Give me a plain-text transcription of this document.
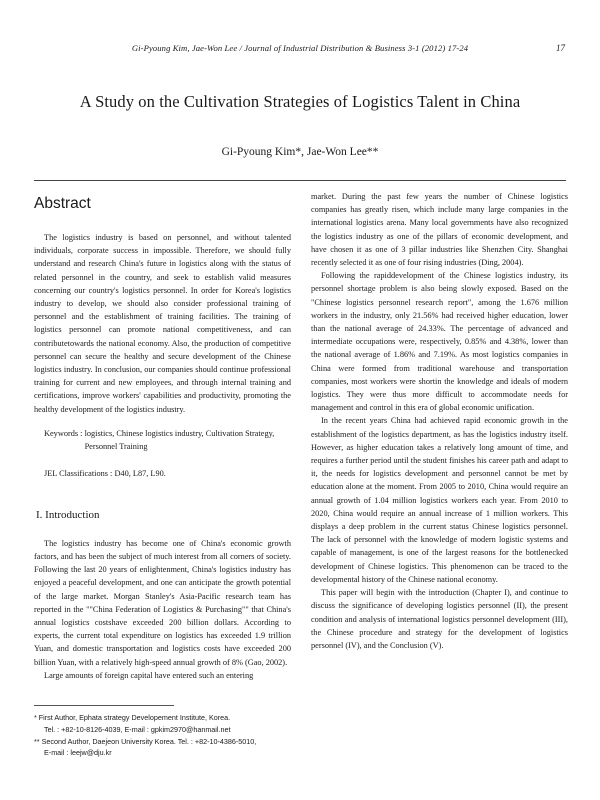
Gi-Pyoung Kim, Jae-Won Lee / Journal of Industrial Distribution & Business 3-1 (2012) 17-24	17
A Study on the Cultivation Strategies of Logistics Talent in China
Gi-Pyoung Kim*, Jae-Won Lee**
Abstract

The logistics industry is based on personnel, and without talented individuals, corporate success in impossible. Therefore, we should fully understand and research China's future in logistics along with the status of related personnel in the country, and seek to establish valid measures concerning our country's logistics personnel. In order for Korea's logistics industry to develop, we should also consider professional training of personnel and the establishment of training facilities. The training of logistics personnel can promote national competitiveness, and can contributetowards the national economy. Also, the production of competitive personnel can secure the healthy and secure development of the Chinese logistics industry. In conclusion, our companies should continue professional training for current and new employees, and through internal training and certifications, improve workers' capabilities and productivity, promoting the healthy development of the logistics industry.

Keywords : logistics, Chinese logistics industry, Cultivation Strategy, Personnel Training
JEL Classifications : D40, L87, L90.
I. Introduction

The logistics industry has become one of China's economic growth factors, and has been the subject of much interest from all corners of society. Following the last 20 years of enlightenment, China's logistics industry has enjoyed a peaceful development, and one can anticipate the growth potential of the large market. Morgan Stanley's Asia-Pacific research team has reported in the ""China Federation of Logistics & Purchasing"" that China's annual logistics costshave exceeded 200 billion dollars. According to experts, the current total expenditure on logistics has exceeded 1.9 trillion Yuan, and domestic transportation and logistics costs have exceeded 200 billion Yuan, with a relatively high-speed annual growth of 8% (Gao, 2002).

Large amounts of foreign capital have entered such an entering

market. During the past few years the number of Chinese logistics companies has greatly risen, which include many large companies in the international logistics arena. Many local governments have also recognized the logistics industry as one of the pillars of economic development, and have chosen it as one of 3 pillar industries like Shenzhen City. Shanghai recently selected it as one of four rising industries (Ding, 2004).

Following the rapiddevelopment of the Chinese logistics industry, its personnel shortage problem is also being slowly exposed. Based on the "Chinese logistics personnel research report", among the 1.676 million workers in the industry, only 21.56% had received higher education, lower than the national average of 24.33%. The percentage of advanced and intermediate occupations were, respectively, 0.85% and 4.38%, lower than the national average of 1.86% and 7.19%. As most logistics companies in China were formed from traditional warehouse and transportation companies, most workers were shortin the knowledge and ideals of modern logistics. They were thus more difficult to accommodate needs for management and control in this era of global economic unification.

In the recent years China had achieved rapid economic growth in the establishment of the logistics department, as has the logistics industry itself. However, as higher education takes a relatively long amount of time, and requires a further period until the student finishes his career path and adapt to it, the needs for logistics development and personnel cannot be met by education alone at the moment. From 2005 to 2010, China would require an annual growth of 1.04 million logistics workers each year. From 2010 to 2020, China would require an annual increase of 1 million workers. This displays a deep problem in the current status Chinese logistics personnel. The lack of personnel with the knowledge of modern logistic systems and capable of management, is one of the largest reasons for the bottlenecked development of Chinese logistics. This phenomenon can be traced to the developmental history of the Chinese national economy.

This paper will begin with the introduction (Chapter I), and continue to discuss the significance of developing logistics personnel (II), the present condition and analysis of international logistics personnel development (III), the Chinese procedure and strategy for the development of logistics personnel (IV), and the Conclusion (V).

* First Author, Ephata strategy Developement Institute, Korea.

Tel. : +82-10-8126-4039, E-mail : gpkim2970@hanmail.net

** Second Author, Daejeon University Korea. Tel. : +82-10-4386-5010,

E-mail : leejw@dju.kr
